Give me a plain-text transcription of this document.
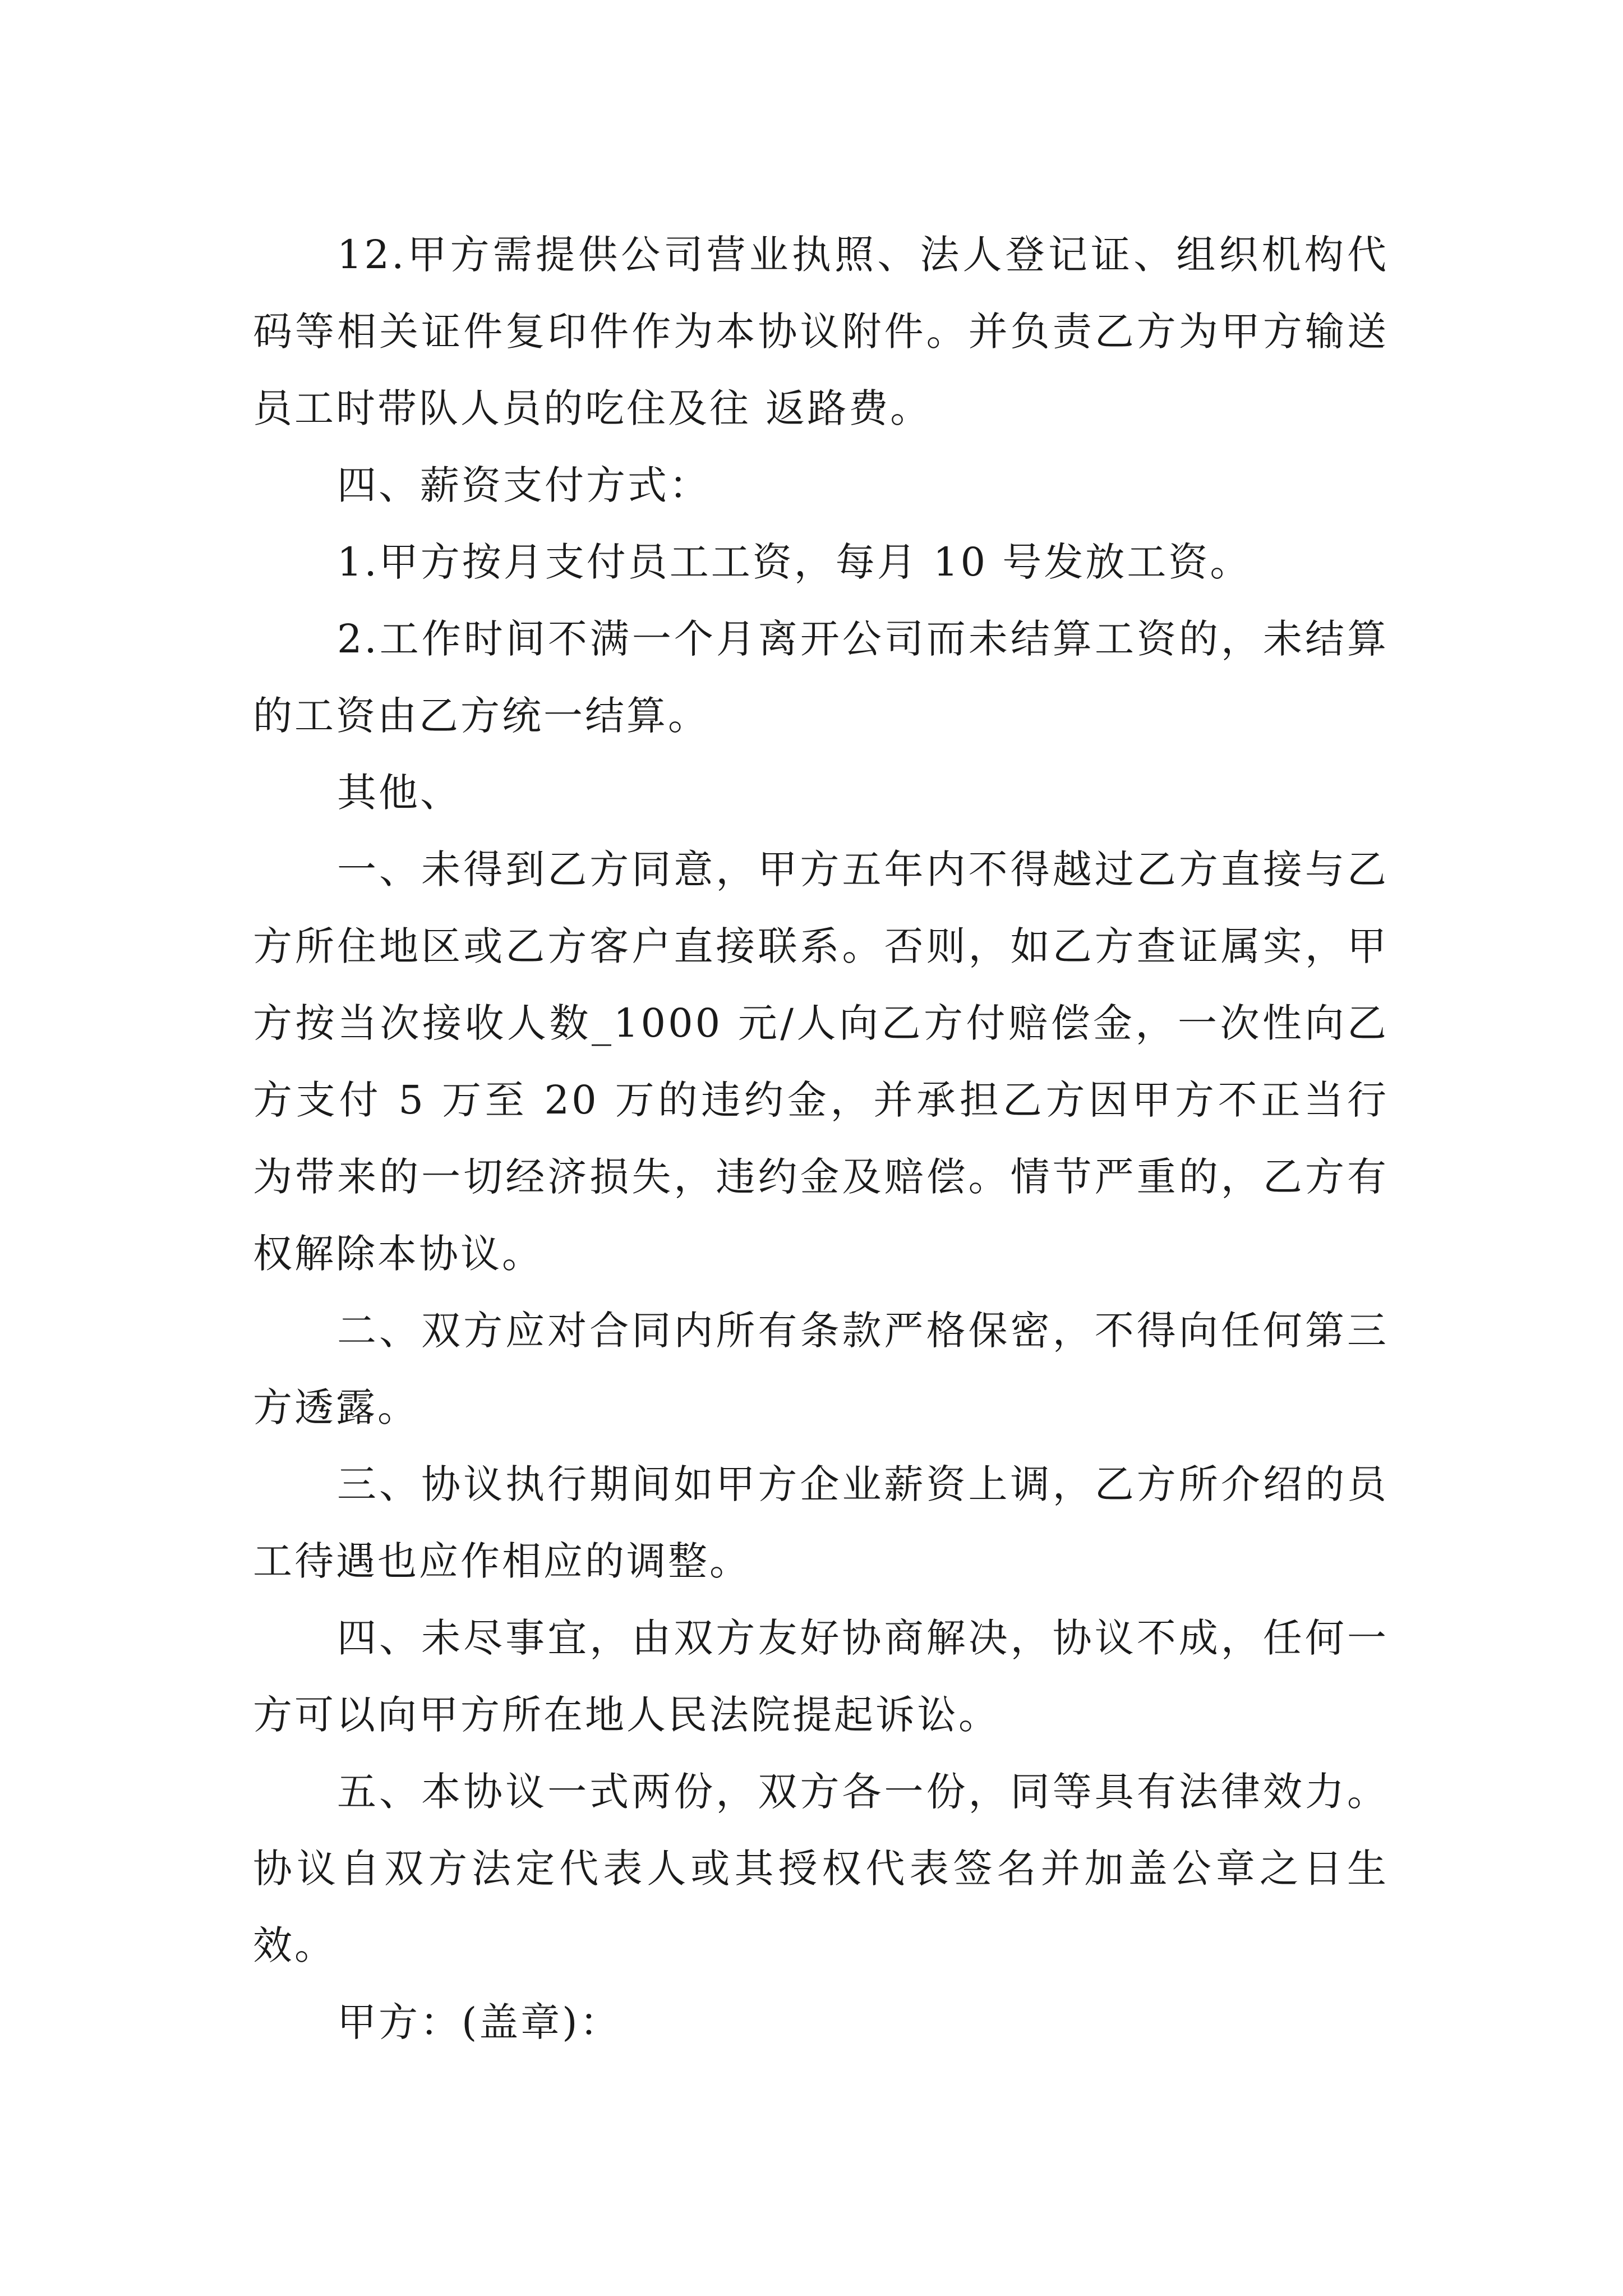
12.甲方需提供公司营业执照、法人登记证、组织机构代码等相关证件复印件作为本协议附件。并负责乙方为甲方输送员工时带队人员的吃住及往 返路费。

四、薪资支付方式：

1.甲方按月支付员工工资，每月 10 号发放工资。

2.工作时间不满一个月离开公司而未结算工资的，未结算的工资由乙方统一结算。

其他、

一、未得到乙方同意，甲方五年内不得越过乙方直接与乙方所住地区或乙方客户直接联系。否则，如乙方查证属实，甲方按当次接收人数_1000 元/人向乙方付赔偿金，一次性向乙方支付 5 万至 20 万的违约金，并承担乙方因甲方不正当行为带来的一切经济损失，违约金及赔偿。情节严重的，乙方有权解除本协议。

二、双方应对合同内所有条款严格保密，不得向任何第三方透露。

三、协议执行期间如甲方企业薪资上调，乙方所介绍的员工待遇也应作相应的调整。

四、未尽事宜，由双方友好协商解决，协议不成，任何一方可以向甲方所在地人民法院提起诉讼。

五、本协议一式两份，双方各一份，同等具有法律效力。协议自双方法定代表人或其授权代表签名并加盖公章之日生效。

甲方：(盖章)：
